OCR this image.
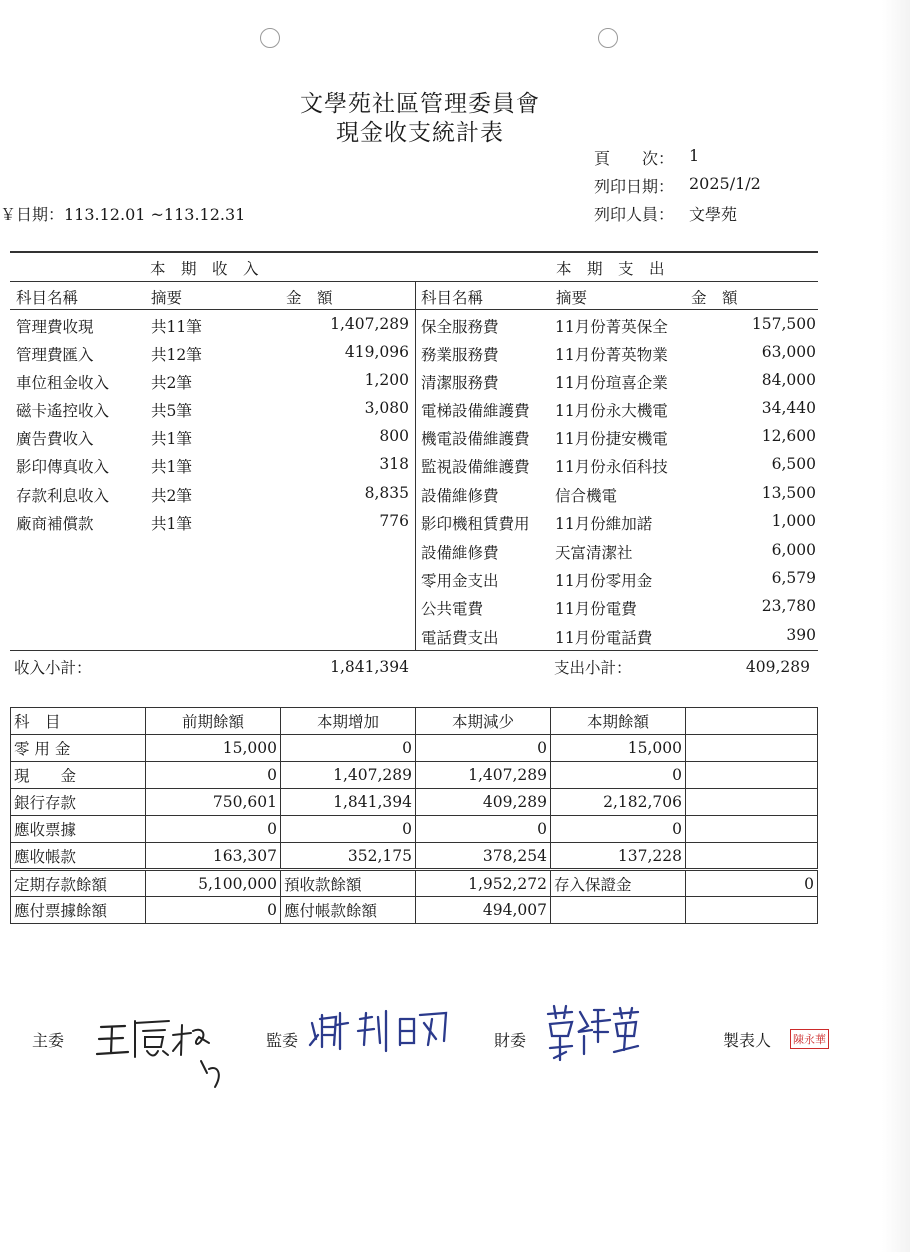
文學苑社區管理委員會
現金收支統計表
頁　　次： 1
列印日期： 2025/1/2
列印人員： 文學苑
￥日期：113.12.01 ~113.12.31
本　期　收　入	本　期　支　出
科目名稱	摘要	金　額	科目名稱	摘要	金　額
管理費收現	共11筆	1,407,289
管理費匯入	共12筆	419,096
車位租金收入	共2筆	1,200
磁卡遙控收入	共5筆	3,080
廣告費收入	共1筆	800
影印傳真收入	共1筆	318
存款利息收入	共2筆	8,835
廠商補償款	共1筆	776
保全服務費	11月份菁英保全	157,500
務業服務費	11月份菁英物業	63,000
清潔服務費	11月份瑄喜企業	84,000
電梯設備維護費 11月份永大機電	34,440
機電設備維護費 11月份捷安機電	12,600
監視設備維護費 11月份永佰科技	6,500
設備維修費	信合機電	13,500
影印機租賃費用 11月份維加諾	1,000
設備維修費	天富清潔社	6,000
零用金支出	11月份零用金	6,579
公共電費	11月份電費	23,780
電話費支出	11月份電話費	390
收入小計：	1,841,394	支出小計：	409,289
科　目	前期餘額	本期增加	本期減少	本期餘額	
零 用 金	15,000	0	0	15,000	
現　　金	0	1,407,289	1,407,289	0	
銀行存款	750,601	1,841,394	409,289	2,182,706	
應收票據	0	0	0	0	
應收帳款	163,307	352,175	378,254	137,228	
定期存款餘額	5,100,000	預收款餘額	1,952,272	存入保證金	0
應付票據餘額	0	應付帳款餘額	494,007		
主委	監委	財委	製表人 陳永華
